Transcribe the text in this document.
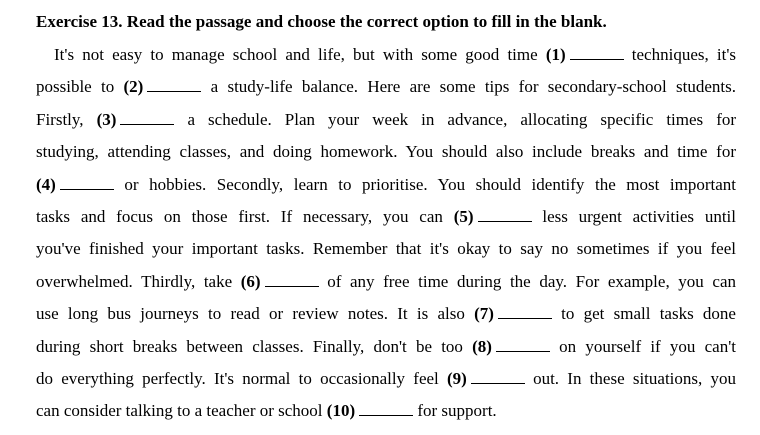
Exercise 13. Read the passage and choose the correct option to fill in the blank.
It's not easy to manage school and life, but with some good time (1)	techniques, it's
possible to (2)	a study-life balance. Here are some tips for secondary-school students.
Firstly, (3)	a schedule. Plan your week in advance, allocating specific times for
studying, attending classes, and doing homework. You should also include breaks and time for
(4)	or hobbies. Secondly, learn to prioritise. You should identify the most important
tasks and focus on those first. If necessary, you can (5)	less urgent activities until
you've finished your important tasks. Remember that it's okay to say no sometimes if you feel
overwhelmed. Thirdly, take (6)	of any free time during the day. For example, you can
use long bus journeys to read or review notes. It is also (7)	to get small tasks done
during short breaks between classes. Finally, don't be too (8)	on yourself if you can't
do everything perfectly. It's normal to occasionally feel (9)	out. In these situations, you
can consider talking to a teacher or school (10)	for support.
